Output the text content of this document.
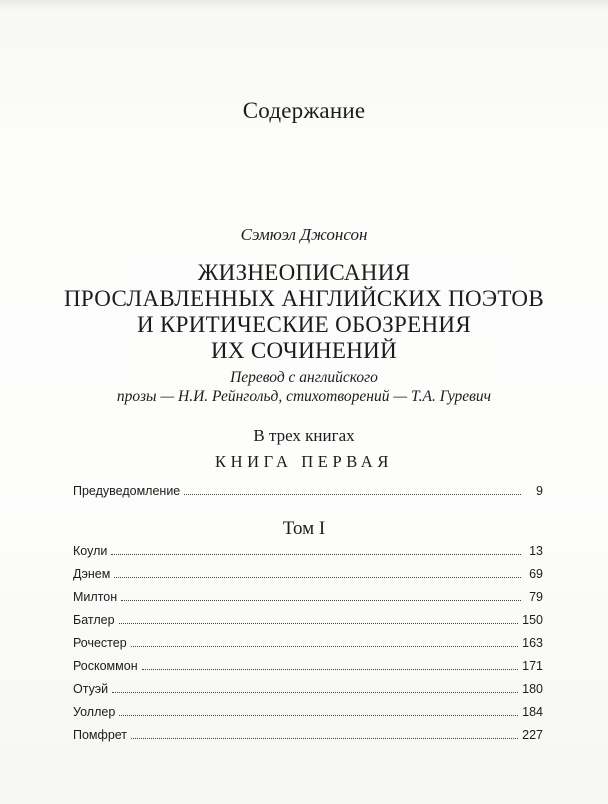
Содержание
Сэмюэл Джонсон
ЖИЗНЕОПИСАНИЯ
ПРОСЛАВЛЕННЫХ АНГЛИЙСКИХ ПОЭТОВ
И КРИТИЧЕСКИЕ ОБОЗРЕНИЯ
ИХ СОЧИНЕНИЙ
Перевод с английского
прозы — Н.И. Рейнгольд, стихотворений — Т.А. Гуревич
В трех книгах
КНИГА ПЕРВАЯ
Предуведомление	9
Том I
Коули	13
Дэнем	69
Милтон	79
Батлер	150
Рочестер	163
Роскоммон	171
Отуэй	180
Уоллер	184
Помфрет	227
